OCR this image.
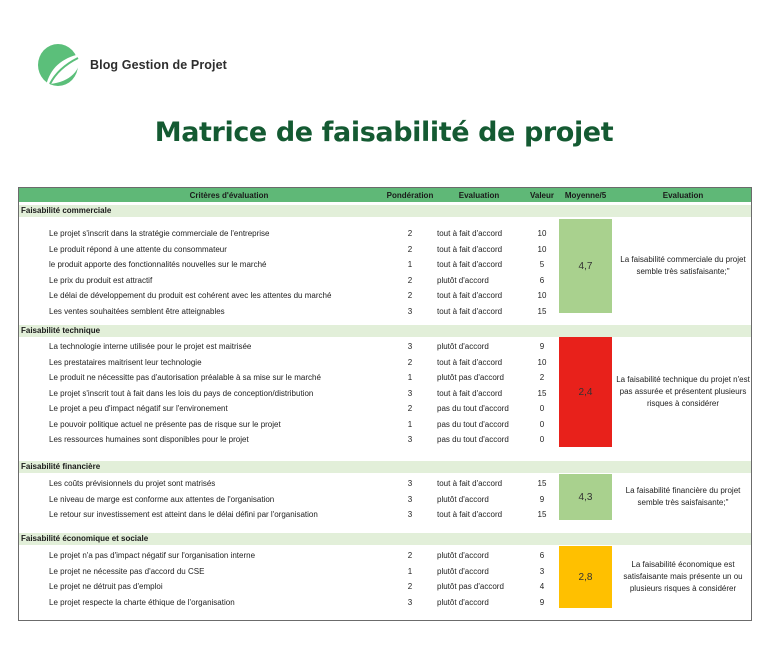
Blog Gestion de Projet
Matrice de faisabilité de projet
Critères d'évaluation	Pondération	Evaluation	Valeur	Moyenne/5	Evaluation
Faisabilité commerciale
Le projet s'inscrit dans la stratégie commerciale de l'entreprise	2	tout à fait d'accord	10
Le produit répond à une attente du consommateur	2	tout à fait d'accord	10
le produit apporte des fonctionnalités nouvelles sur le marché	1	tout à fait d'accord	5
Le prix du produit est attractif	2	plutôt d'accord	6
Le délai de développement du produit est cohérent avec les attentes du marché	2	tout à fait d'accord	10
Les ventes souhaitées semblent être atteignables	3	tout à fait d'accord	15
4,7
La faisabilité commerciale du projet semble très satisfaisante;"
Faisabilité technique
La technologie interne utilisée pour le projet est maitrisée	3	plutôt d'accord	9
Les prestataires maitrisent leur technologie	2	tout à fait d'accord	10
Le produit ne nécessitte pas d'autorisation préalable à sa mise sur le marché	1	plutôt pas d'accord	2
Le projet s'inscrit tout à fait dans les lois du pays de conception/distribution	3	tout à fait d'accord	15
Le projet a peu d'impact négatif sur l'environement	2	pas du tout d'accord	0
Le pouvoir politique actuel ne présente pas de risque sur le projet	1	pas du tout d'accord	0
Les ressources humaines sont disponibles pour le projet	3	pas du tout d'accord	0
2,4
La faisabilité technique du projet n'est pas assurée et présentent plusieurs risques à considérer
Faisabilité financière
Les coûts prévisionnels du projet sont matrisés	3	tout à fait d'accord	15
Le niveau de marge est conforme aux attentes de l'organisation	3	plutôt d'accord	9
Le retour sur investissement est atteint dans le délai défini par l'organisation	3	tout à fait d'accord	15
4,3
La faisabilité financière du projet semble très saisfaisante;"
Faisabilité économique et sociale
Le projet n'a pas d'impact négatif sur l'organisation interne	2	plutôt d'accord	6
Le projet ne nécessite pas d'accord du CSE	1	plutôt d'accord	3
Le projet ne détruit pas d'emploi	2	plutôt pas d'accord	4
Le projet respecte la charte éthique de l'organisation	3	plutôt d'accord	9
2,8
La faisabilité économique est satisfaisante mais présente un ou plusieurs risques à considérer
